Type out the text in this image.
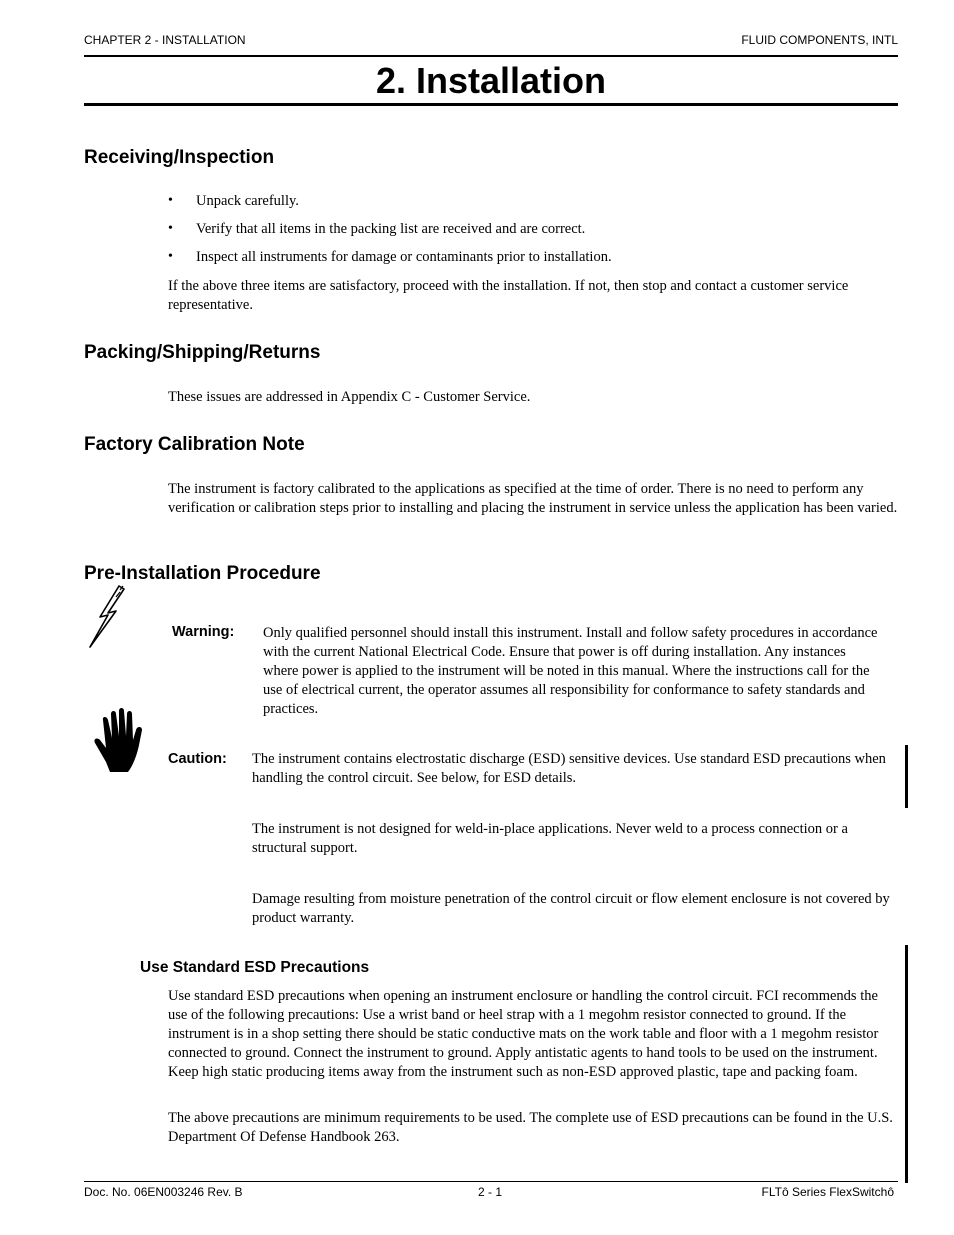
CHAPTER 2 - INSTALLATION	FLUID COMPONENTS, INTL
2. Installation
Receiving/Inspection
• Unpack carefully.
• Verify that all items in the packing list are received and are correct.
• Inspect all instruments for damage or contaminants prior to installation.
If the above three items are satisfactory, proceed with the installation. If not, then stop and contact a customer service representative.
Packing/Shipping/Returns
These issues are addressed in Appendix C - Customer Service.
Factory Calibration Note
The instrument is factory calibrated to the applications as specified at the time of order. There is no need to perform any verification or calibration steps prior to installing and placing the instrument in service unless the application has been varied.
Pre-Installation Procedure
Warning: Only qualified personnel should install this instrument. Install and follow safety procedures in accordance with the current National Electrical Code. Ensure that power is off during installation. Any instances where power is applied to the instrument will be noted in this manual. Where the instructions call for the use of electrical current, the operator assumes all responsibility for conformance to safety standards and practices.
Caution: The instrument contains electrostatic discharge (ESD) sensitive devices. Use standard ESD precautions when handling the control circuit. See below, for ESD details.
The instrument is not designed for weld-in-place applications. Never weld to a process connection or a structural support.
Damage resulting from moisture penetration of the control circuit or flow element enclosure is not covered by product warranty.
Use Standard ESD Precautions
Use standard ESD precautions when opening an instrument enclosure or handling the control circuit. FCI recommends the use of the following precautions: Use a wrist band or heel strap with a 1 megohm resistor connected to ground. If the instrument is in a shop setting there should be static conductive mats on the work table and floor with a 1 megohm resistor connected to ground. Connect the instrument to ground. Apply antistatic agents to hand tools to be used on the instrument. Keep high static producing items away from the instrument such as non-ESD approved plastic, tape and packing foam.
The above precautions are minimum requirements to be used. The complete use of ESD precautions can be found in the U.S. Department Of Defense Handbook 263.
Doc. No. 06EN003246 Rev. B	2 - 1	FLTô Series FlexSwitchô
